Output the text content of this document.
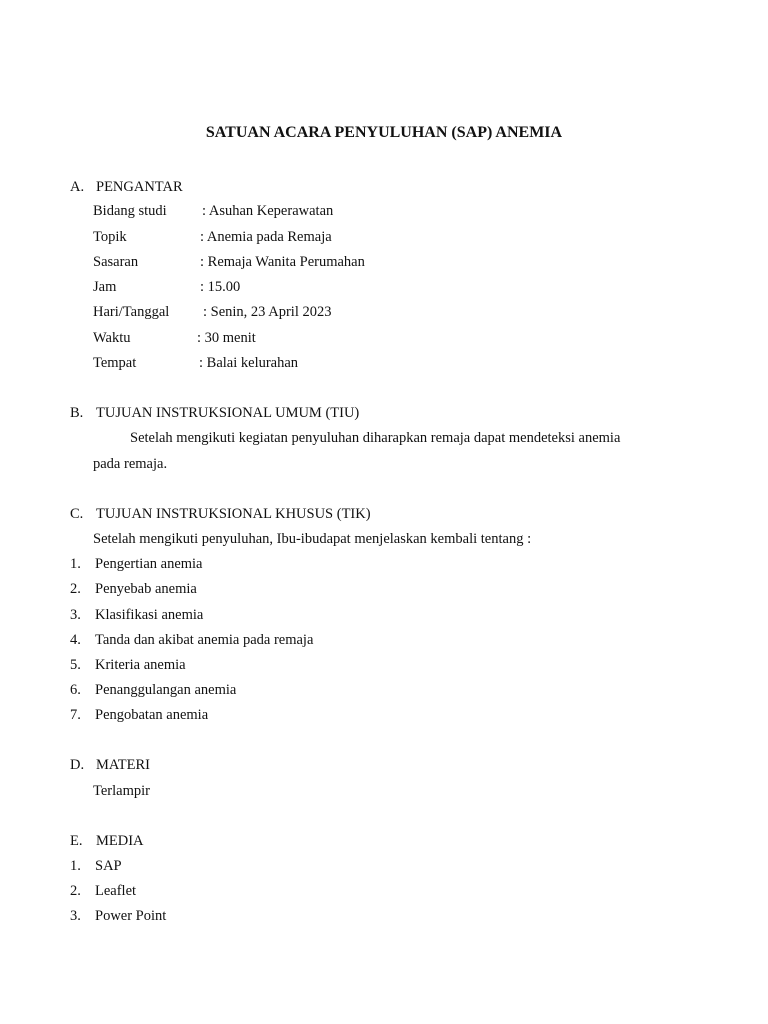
SATUAN ACARA PENYULUHAN (SAP) ANEMIA
A. PENGANTAR
Bidang studi : Asuhan Keperawatan
Topik	: Anemia pada Remaja
Sasaran	: Remaja Wanita Perumahan
Jam	: 15.00
Hari/Tanggal : Senin, 23 April 2023
Waktu	: 30 menit
Tempat	: Balai kelurahan
B. TUJUAN INSTRUKSIONAL UMUM (TIU)
Setelah mengikuti kegiatan penyuluhan diharapkan remaja dapat mendeteksi anemia
pada remaja.
C. TUJUAN INSTRUKSIONAL KHUSUS (TIK)
Setelah mengikuti penyuluhan, Ibu-ibudapat menjelaskan kembali tentang :
1. Pengertian anemia
2. Penyebab anemia
3. Klasifikasi anemia
4. Tanda dan akibat anemia pada remaja
5. Kriteria anemia
6. Penanggulangan anemia
7. Pengobatan anemia
D. MATERI
Terlampir
E. MEDIA
1. SAP
2. Leaflet
3. Power Point
